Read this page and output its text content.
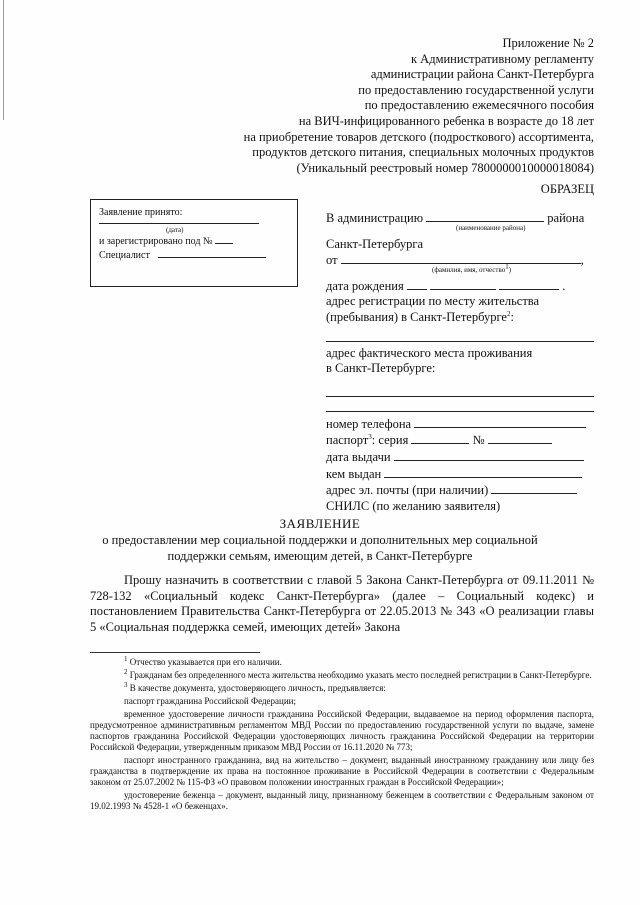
Приложение № 2
к Административному регламенту
администрации района Санкт-Петербурга
по предоставлению государственной услуги
по предоставлению ежемесячного пособия
на ВИЧ-инфицированного ребенка в возрасте до 18 лет
на приобретение товаров детского (подросткового) ассортимента,
продуктов детского питания, специальных молочных продуктов
(Уникальный реестровый номер 7800000010000018084)
ОБРАЗЕЦ
Заявление принято:
(дата)
и зарегистрировано под №
Специалист
В администрацию	района
(наименование района)
Санкт-Петербурга
от	,
(фамилия, имя, отчество$^1$)
дата рождения	.
адрес регистрации по месту жительства
(пребывания) в Санкт-Петербурге$^2$:
адрес фактического места проживания
в Санкт-Петербурге:
номер телефона
паспорт$^3$: серия	№
дата выдачи
кем выдан
адрес эл. почты (при наличии)
СНИЛС (по желанию заявителя)
ЗАЯВЛЕНИЕ
о предоставлении мер социальной поддержки и дополнительных мер социальной поддержки семьям, имеющим детей, в Санкт-Петербурге
Прошу назначить в соответствии с главой 5 Закона Санкт-Петербурга от 09.11.2011 № 728-132 «Социальный кодекс Санкт-Петербурга» (далее – Социальный кодекс) и постановлением Правительства Санкт-Петербурга от 22.05.2013 № 343 «О реализации главы 5 «Социальная поддержка семей, имеющих детей» Закона

$^1$ Отчество указывается при его наличии.

$^2$ Гражданам без определенного места жительства необходимо указать место последней регистрации в Санкт-Петербурге.

$^3$ В качестве документа, удостоверяющего личность, предъявляется:

паспорт гражданина Российской Федерации;

временное удостоверение личности гражданина Российской Федерации, выдаваемое на период оформления паспорта, предусмотренное административным регламентом МВД России по предоставлению государственной услуги по выдаче, замене паспортов гражданина Российской Федерации удостоверяющих личность гражданина Российской Федерации на территории Российской Федерации, утвержденным приказом МВД России от 16.11.2020 № 773;

паспорт иностранного гражданина, вид на жительство – документ, выданный иностранному гражданину или лицу без гражданства в подтверждение их права на постоянное проживание в Российской Федерации в соответствии с Федеральным законом от 25.07.2002 № 115-ФЗ «О правовом положении иностранных граждан в Российской Федерации»;

удостоверение беженца – документ, выданный лицу, признанному беженцем в соответствии с Федеральным законом от 19.02.1993 № 4528-1 «О беженцах».
